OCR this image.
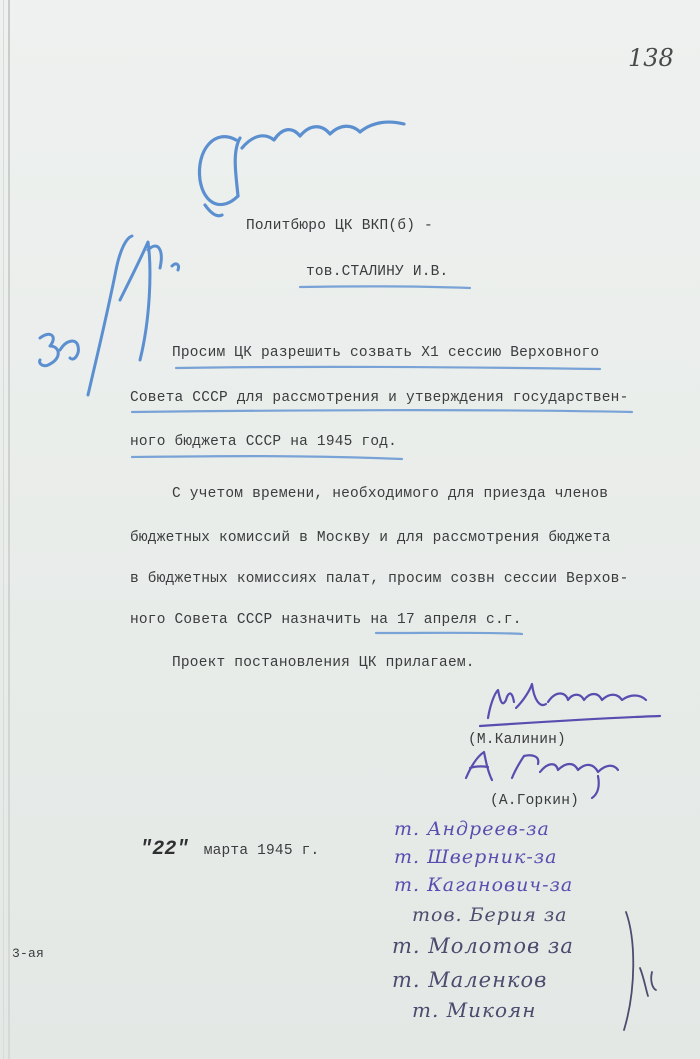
138
Политбюро ЦК ВКП(б) -
тов.СТАЛИНУ И.В.
Просим ЦК разрешить созвать Х1 сессию Верховного
Совета СССР для рассмотрения и утверждения государствен-
ного бюджета СССР на 1945 год.
С учетом времени, необходимого для приезда членов
бюджетных комиссий в Москву и для рассмотрения бюджета
в бюджетных комиссиях палат, просим созвн сессии Верхов-
ного Совета СССР назначить на 17 апреля с.г.
Проект постановления ЦК прилагаем.
(М.Калинин)
(А.Горкин)
"22" марта 1945 г.
3-ая
т. Андреев-за
т. Шверник-за
т. Каганович-за
тов. Берия за
т. Молотов за
т. Маленков
т. Микоян
